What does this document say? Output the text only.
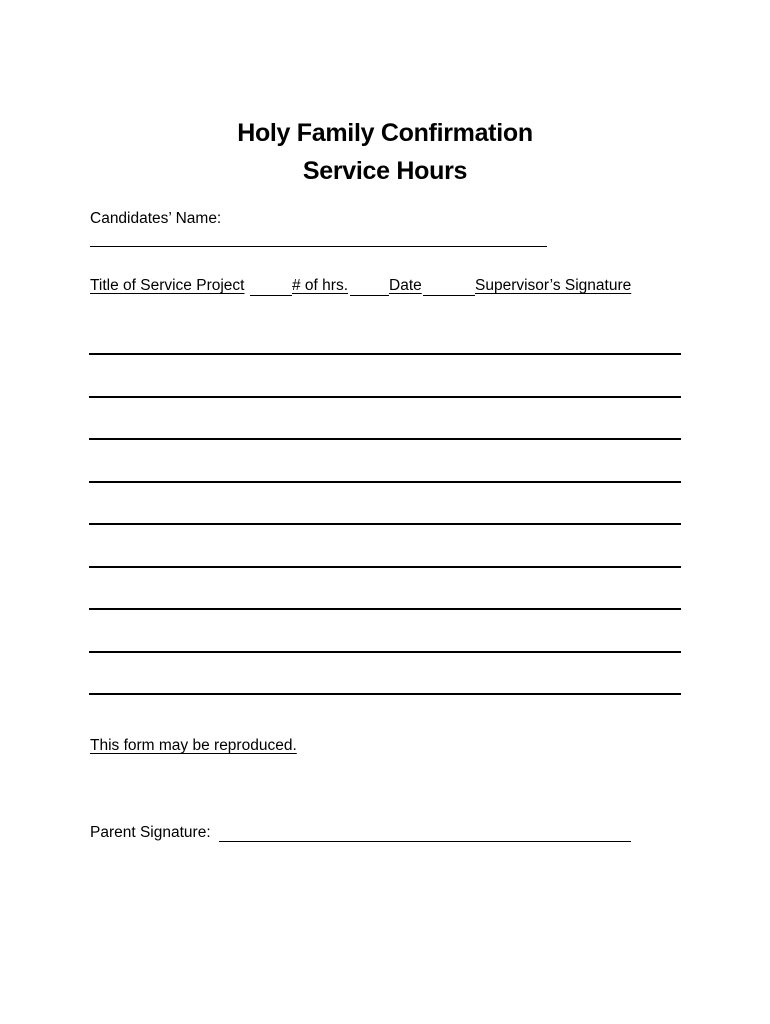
Holy Family Confirmation
Service Hours
Candidates’ Name:
Title of Service Project	# of hrs.	Date	Supervisor’s Signature
This form may be reproduced.
Parent Signature:
